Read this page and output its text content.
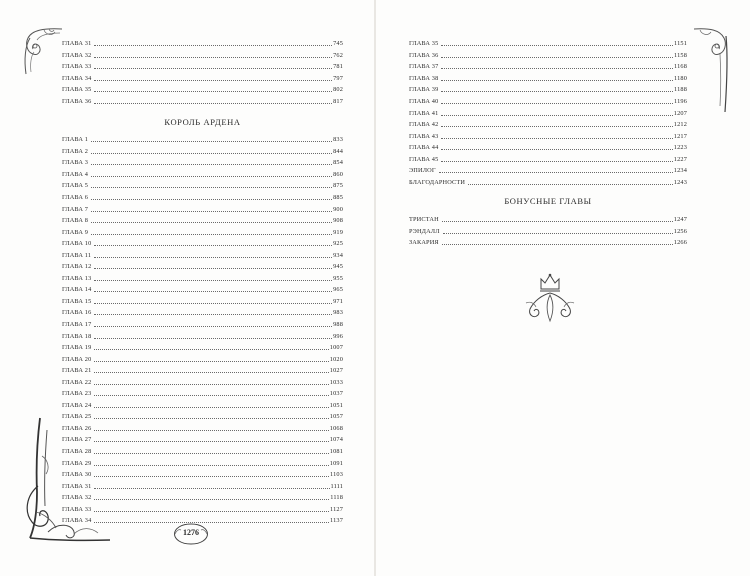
ГЛАВА 31	745
ГЛАВА 32	762
ГЛАВА 33	781
ГЛАВА 34	797
ГЛАВА 35	802
ГЛАВА 36	817
КОРОЛЬ АРДЕНА
ГЛАВА 1	833
ГЛАВА 2	844
ГЛАВА 3	854
ГЛАВА 4	860
ГЛАВА 5	875
ГЛАВА 6	885
ГЛАВА 7	900
ГЛАВА 8	908
ГЛАВА 9	919
ГЛАВА 10	925
ГЛАВА 11	934
ГЛАВА 12	945
ГЛАВА 13	955
ГЛАВА 14	965
ГЛАВА 15	971
ГЛАВА 16	983
ГЛАВА 17	988
ГЛАВА 18	996
ГЛАВА 19	1007
ГЛАВА 20	1020
ГЛАВА 21	1027
ГЛАВА 22	1033
ГЛАВА 23	1037
ГЛАВА 24	1051
ГЛАВА 25	1057
ГЛАВА 26	1068
ГЛАВА 27	1074
ГЛАВА 28	1081
ГЛАВА 29	1091
ГЛАВА 30	1103
ГЛАВА 31	1111
ГЛАВА 32	1118
ГЛАВА 33	1127
ГЛАВА 34	1137
1276
ГЛАВА 35	1151
ГЛАВА 36	1158
ГЛАВА 37	1168
ГЛАВА 38	1180
ГЛАВА 39	1188
ГЛАВА 40	1196
ГЛАВА 41	1207
ГЛАВА 42	1212
ГЛАВА 43	1217
ГЛАВА 44	1223
ГЛАВА 45	1227
ЭПИЛОГ	1234
БЛАГОДАРНОСТИ	1243
БОНУСНЫЕ ГЛАВЫ
ТРИСТАН	1247
РЭНДАЛЛ	1256
ЗАКАРИЯ	1266
